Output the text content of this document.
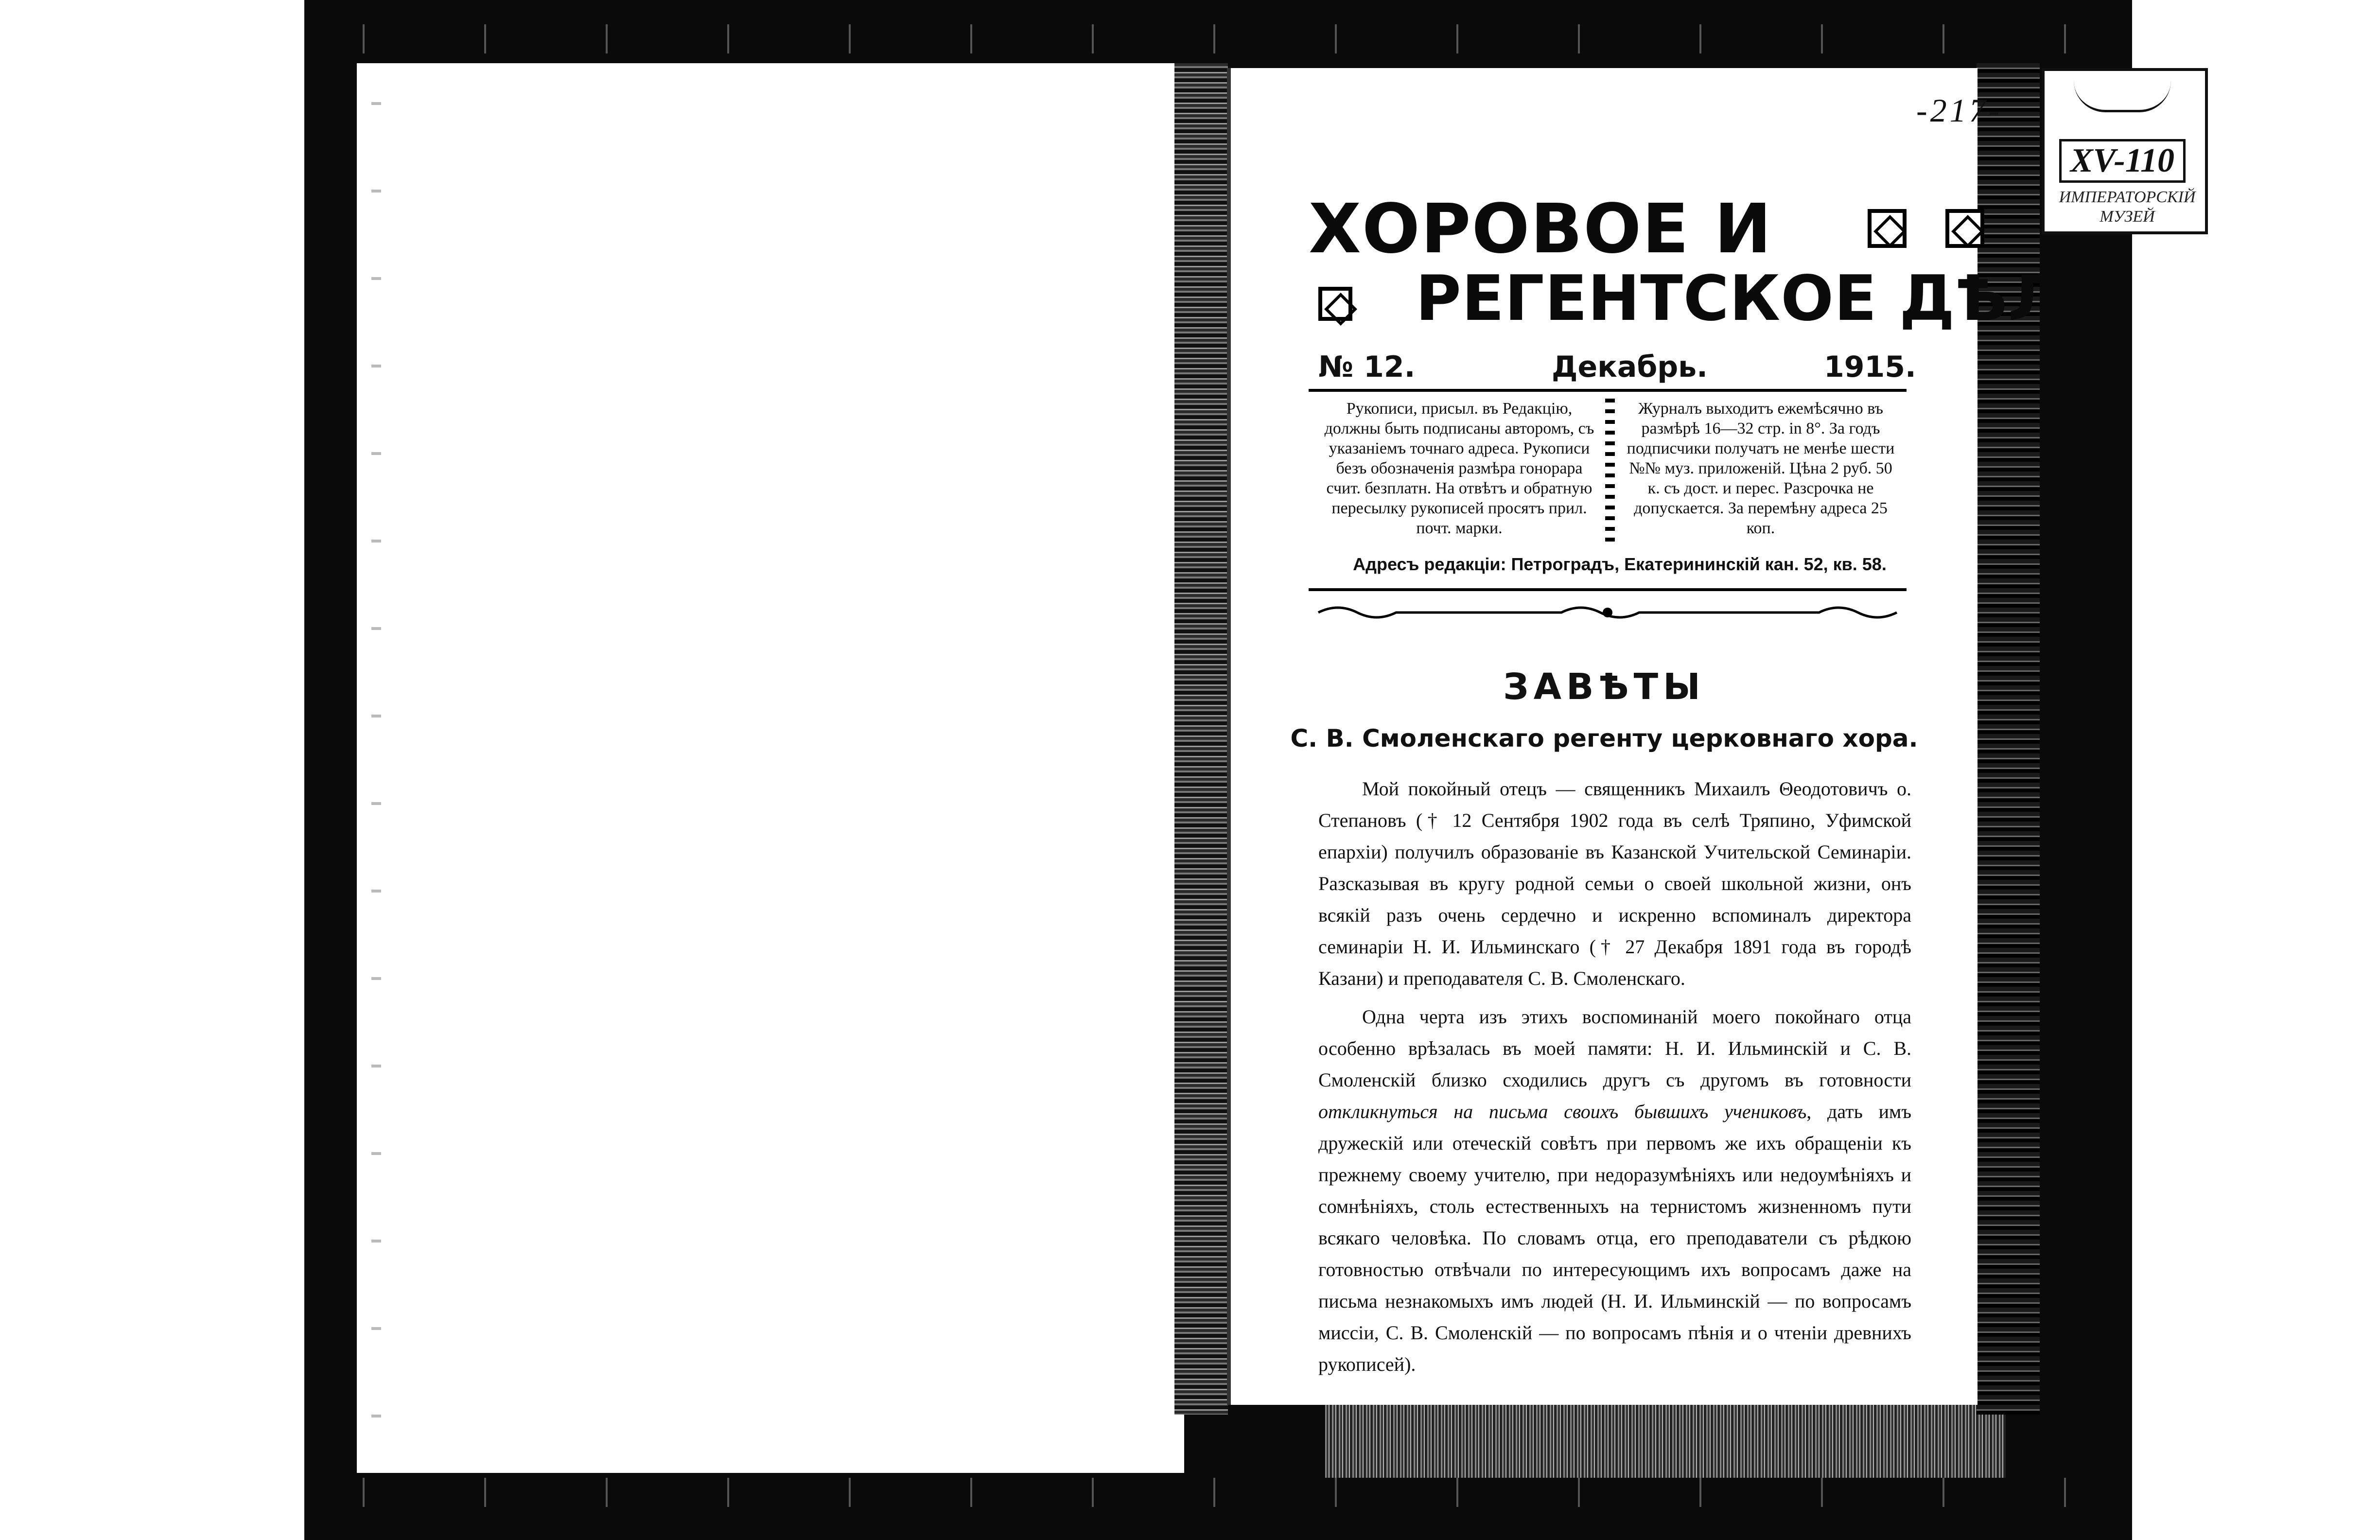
-217-
XV-110
ИМПЕРАТОРСКIЙ
МУЗЕЙ
ХОРОВОЕ И
РЕГЕНТСКОЕ ДѢЛО.
№ 12.	Декабрь.	1915.
Рукописи, присыл. въ Редакцію, должны быть подписаны авторомъ, съ указаніемъ точнаго адреса. Рукописи безъ обозначенія размѣра гонорара счит. безплатн. На отвѣтъ и обратную пересылку рукописей просятъ прил. почт. марки.
Журналъ выходитъ ежемѣсячно въ размѣрѣ 16—32 стр. in 8°. За годъ подписчики получатъ не менѣе шести №№ муз. приложеній. Цѣна 2 руб. 50 к. съ дост. и перес. Разсрочка не допускается. За перемѣну адреса 25 коп.
Адресъ редакціи: Петроградъ, Екатерининскій кан. 52, кв. 58.
ЗАВѢТЫ
С. В. Смоленскаго регенту церковнаго хора.

Мой покойный отецъ — священникъ Михаилъ Θеодотовичъ о. Степановъ († 12 Сентября 1902 года въ селѣ Тряпино, Уфимской епархіи) получилъ образованіе въ Казанской Учительской Семинаріи. Разсказывая въ кругу родной семьи о своей школьной жизни, онъ всякій разъ очень сердечно и искренно вспоминалъ директора семинаріи Н. И. Ильминскаго († 27 Декабря 1891 года въ городѣ Казани) и преподавателя С. В. Смоленскаго.

Одна черта изъ этихъ воспоминаній моего покойнаго отца особенно врѣзалась въ моей памяти: Н. И. Ильминскій и С. В. Смоленскій близко сходились другъ съ другомъ въ готовности откликнуться на письма своихъ бывшихъ учениковъ, дать имъ дружескій или отеческій совѣтъ при первомъ же ихъ обращеніи къ прежнему своему учителю, при недоразумѣніяхъ или недоумѣніяхъ и сомнѣніяхъ, столь естественныхъ на тернистомъ жизненномъ пути всякаго человѣка. По словамъ отца, его преподаватели съ рѣдкою готовностью отвѣчали по интересующимъ ихъ вопросамъ даже на письма незнакомыхъ имъ людей (Н. И. Ильминскій — по вопросамъ миссіи, С. В. Смоленскій — по вопросамъ пѣнія и о чтеніи древнихъ рукописей).
